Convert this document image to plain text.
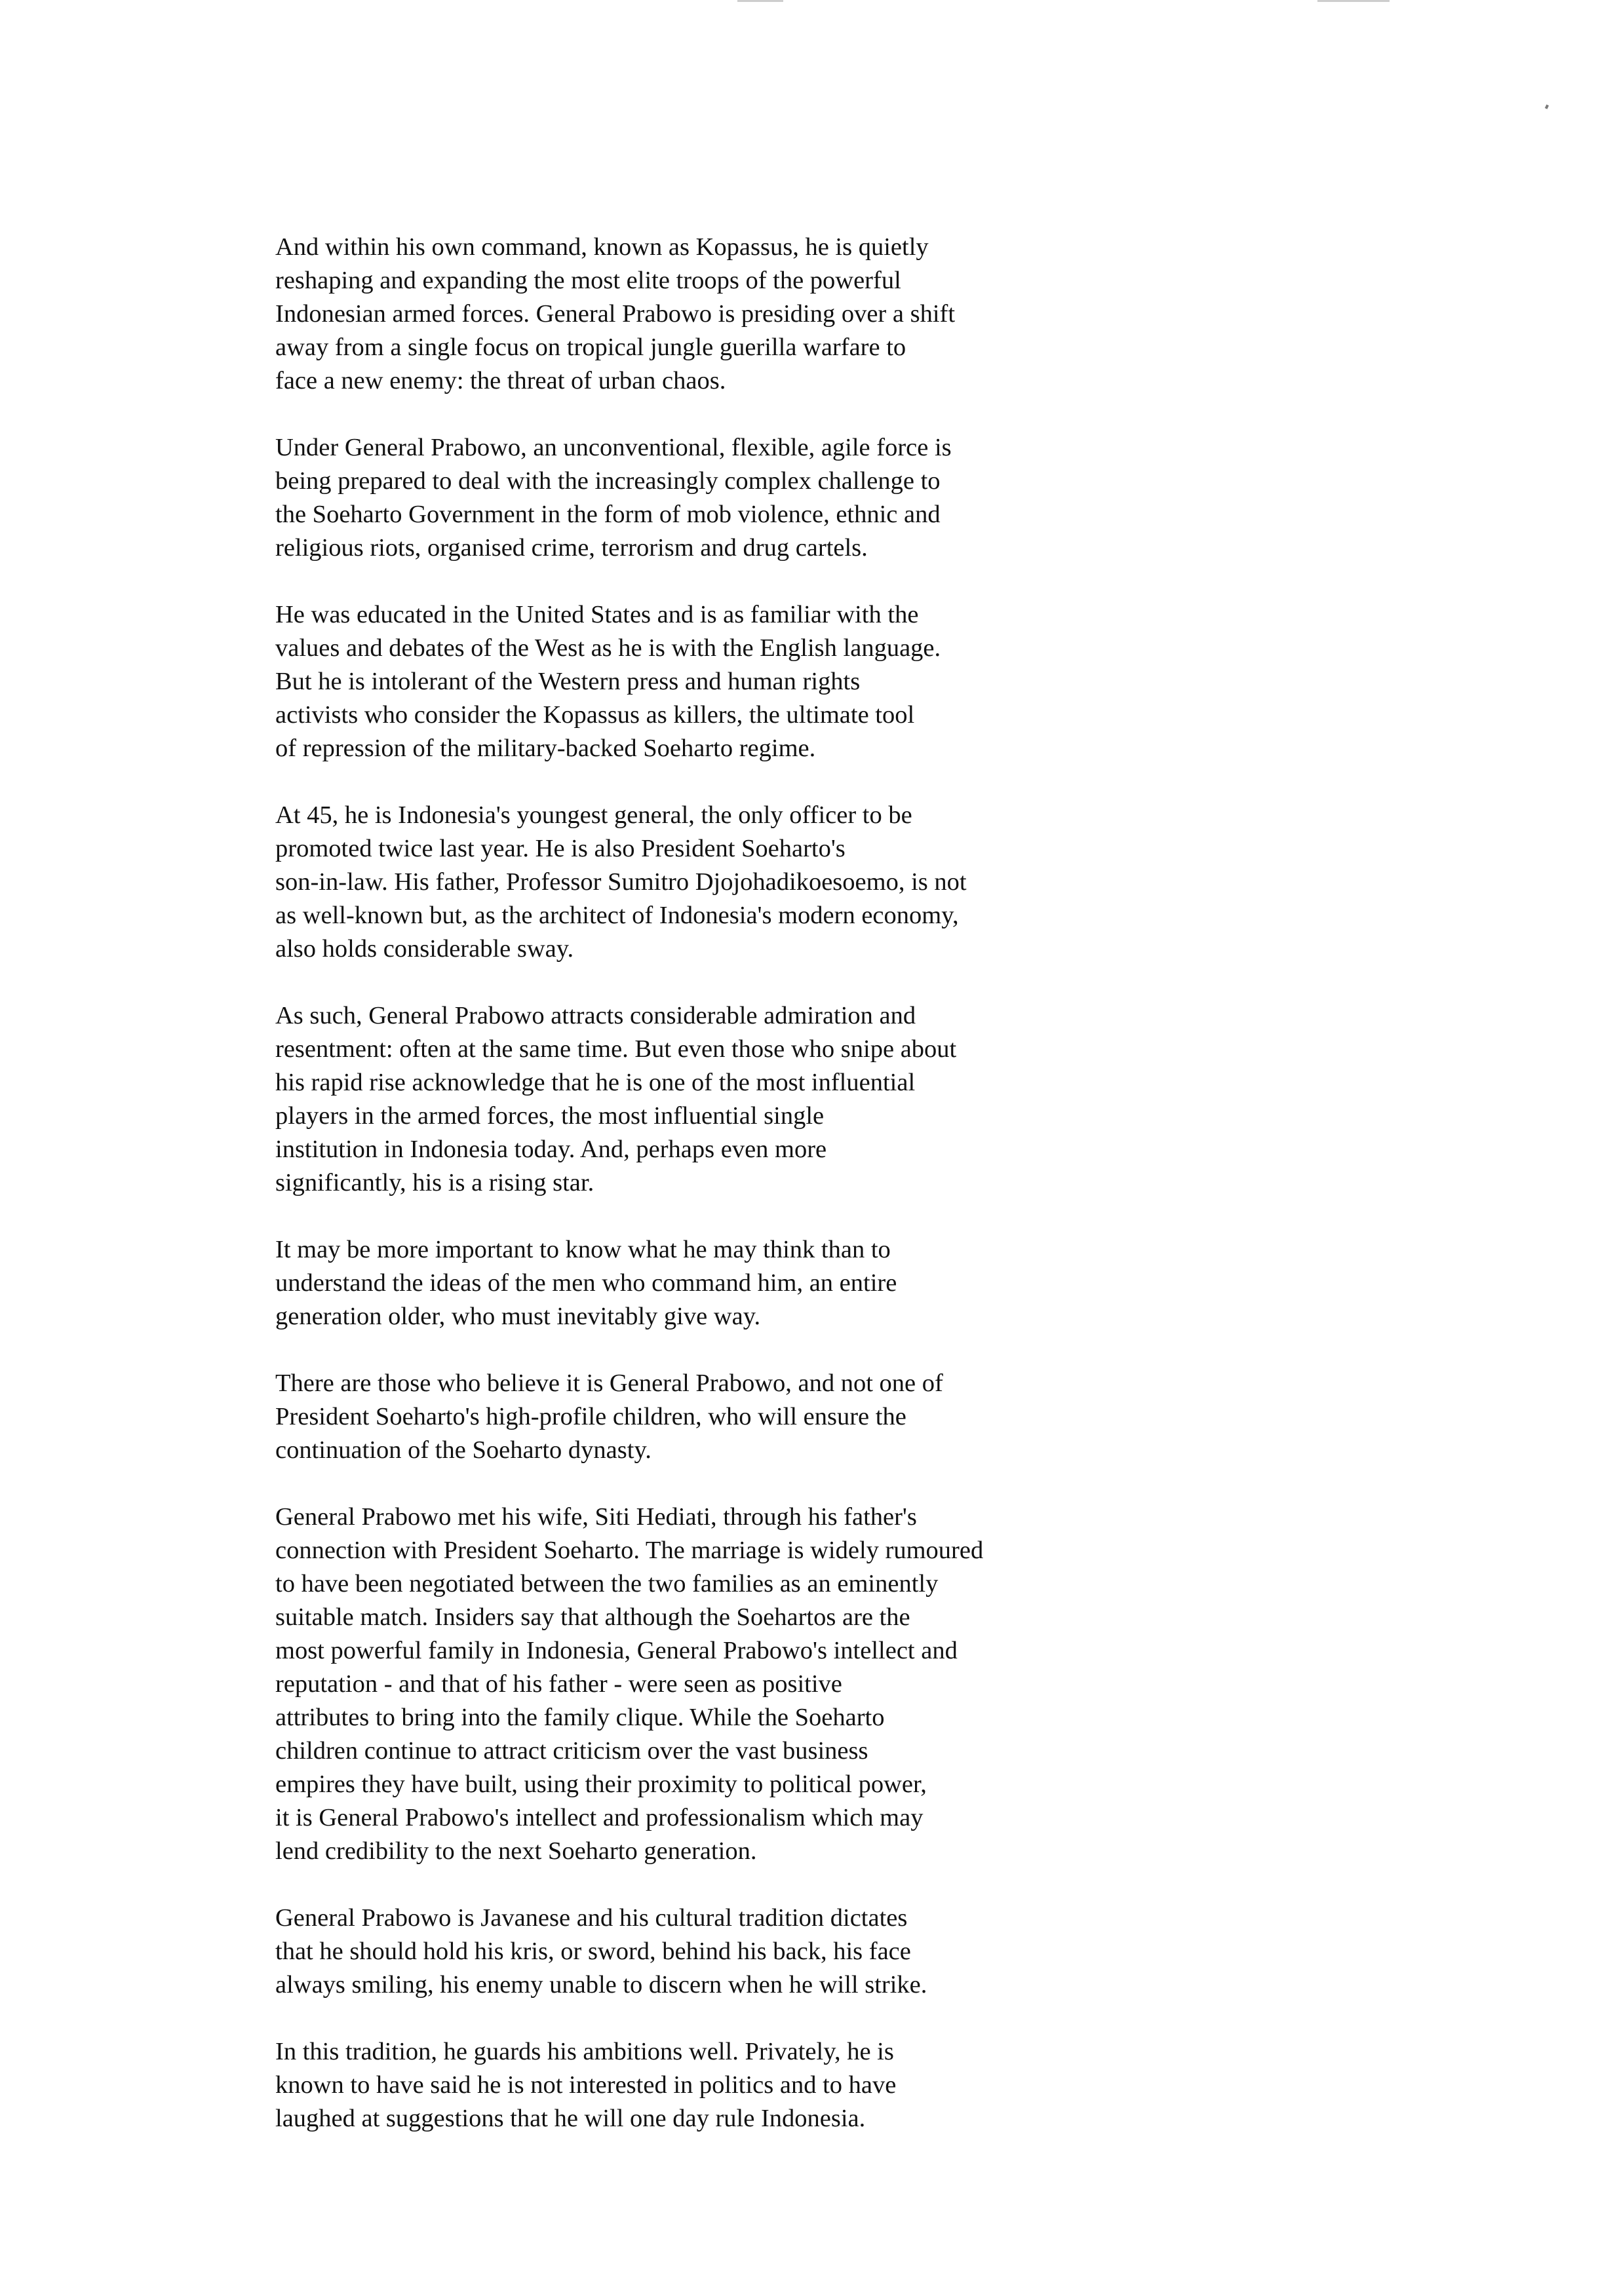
And within his own command, known as Kopassus, he is quietly
reshaping and expanding the most elite troops of the powerful
Indonesian armed forces. General Prabowo is presiding over a shift
away from a single focus on tropical jungle guerilla warfare to
face a new enemy: the threat of urban chaos.
Under General Prabowo, an unconventional, flexible, agile force is
being prepared to deal with the increasingly complex challenge to
the Soeharto Government in the form of mob violence, ethnic and
religious riots, organised crime, terrorism and drug cartels.
He was educated in the United States and is as familiar with the
values and debates of the West as he is with the English language.
But he is intolerant of the Western press and human rights
activists who consider the Kopassus as killers, the ultimate tool
of repression of the military-backed Soeharto regime.
At 45, he is Indonesia's youngest general, the only officer to be
promoted twice last year. He is also President Soeharto's
son-in-law. His father, Professor Sumitro Djojohadikoesoemo, is not
as well-known but, as the architect of Indonesia's modern economy,
also holds considerable sway.
As such, General Prabowo attracts considerable admiration and
resentment: often at the same time. But even those who snipe about
his rapid rise acknowledge that he is one of the most influential
players in the armed forces, the most influential single
institution in Indonesia today. And, perhaps even more
significantly, his is a rising star.
It may be more important to know what he may think than to
understand the ideas of the men who command him, an entire
generation older, who must inevitably give way.
There are those who believe it is General Prabowo, and not one of
President Soeharto's high-profile children, who will ensure the
continuation of the Soeharto dynasty.
General Prabowo met his wife, Siti Hediati, through his father's
connection with President Soeharto. The marriage is widely rumoured
to have been negotiated between the two families as an eminently
suitable match. Insiders say that although the Soehartos are the
most powerful family in Indonesia, General Prabowo's intellect and
reputation - and that of his father - were seen as positive
attributes to bring into the family clique. While the Soeharto
children continue to attract criticism over the vast business
empires they have built, using their proximity to political power,
it is General Prabowo's intellect and professionalism which may
lend credibility to the next Soeharto generation.
General Prabowo is Javanese and his cultural tradition dictates
that he should hold his kris, or sword, behind his back, his face
always smiling, his enemy unable to discern when he will strike.
In this tradition, he guards his ambitions well. Privately, he is
known to have said he is not interested in politics and to have
laughed at suggestions that he will one day rule Indonesia.
